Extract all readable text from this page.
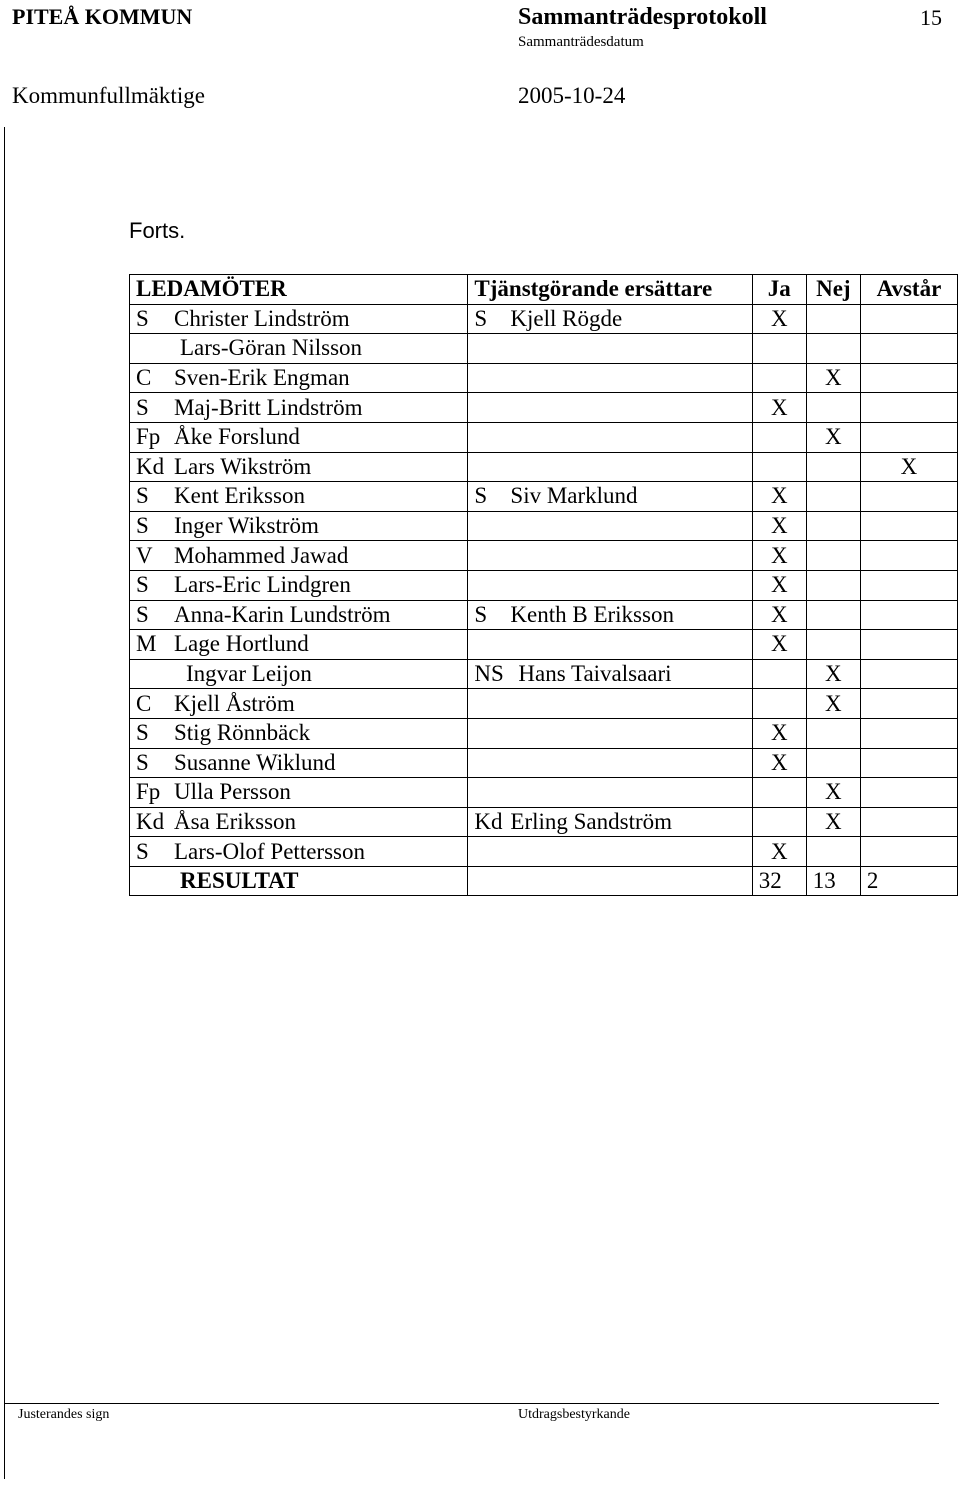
PITEÅ KOMMUN	Sammanträdesprotokoll	15
Sammanträdesdatum
Kommunfullmäktige	2005-10-24
Forts.
LEDAMÖTER	Tjänstgörande ersättare	Ja	Nej	Avstår
S Christer Lindström	S Kjell Rögde	X		
Lars-Göran Nilsson				
C Sven-Erik Engman			X	
S Maj-Britt Lindström		X		
Fp Åke Forslund			X	
Kd Lars Wikström				X
S Kent Eriksson	S Siv Marklund	X		
S Inger Wikström		X		
V Mohammed Jawad		X		
S Lars-Eric Lindgren		X		
S Anna-Karin Lundström	S Kenth B Eriksson	X		
M Lage Hortlund		X		
Ingvar Leijon	NS Hans Taivalsaari		X	
C Kjell Åström			X	
S Stig Rönnbäck		X		
S Susanne Wiklund		X		
Fp Ulla Persson			X	
Kd Åsa Eriksson	Kd Erling Sandström		X	
S Lars-Olof Pettersson		X		
RESULTAT		32	13	2
Justerandes sign	Utdragsbestyrkande
